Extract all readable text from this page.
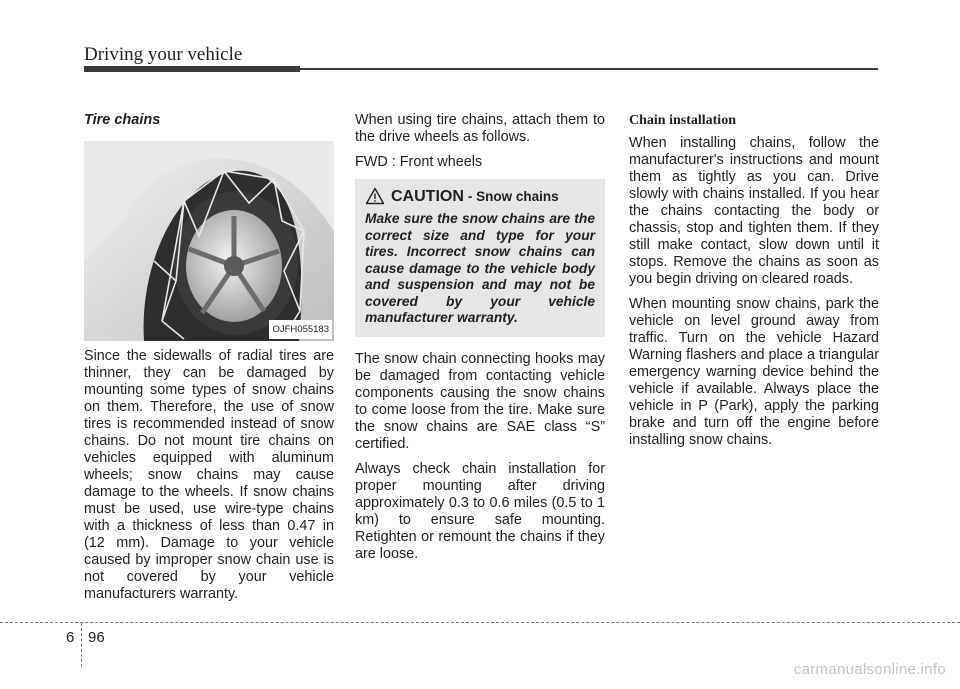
Driving your vehicle
Tire chains
OJFH055183

Since the sidewalls of radial tires are thinner, they can be damaged by mounting some types of snow chains on them. Therefore, the use of snow tires is recommended instead of snow chains. Do not mount tire chains on vehicles equipped with aluminum wheels; snow chains may cause damage to the wheels. If snow chains must be used, use wire-type chains with a thickness of less than 0.47 in (12 mm). Damage to your vehicle caused by improper snow chain use is not covered by your vehicle manufacturers warranty.

When using tire chains, attach them to the drive wheels as follows.

FWD : Front wheels

CAUTION - Snow chains
Make sure the snow chains are the correct size and type for your tires. Incorrect snow chains can cause damage to the vehicle body and suspension and may not be covered by your vehicle manufacturer warranty.

The snow chain connecting hooks may be damaged from contacting vehicle components causing the snow chains to come loose from the tire. Make sure the snow chains are SAE class “S” certified.

Always check chain installation for proper mounting after driving approximately 0.3 to 0.6 miles (0.5 to 1 km) to ensure safe mounting. Retighten or remount the chains if they are loose.

Chain installation

When installing chains, follow the manufacturer's instructions and mount them as tightly as you can. Drive slowly with chains installed. If you hear the chains contacting the body or chassis, stop and tighten them. If they still make contact, slow down until it stops. Remove the chains as soon as you begin driving on cleared roads.

When mounting snow chains, park the vehicle on level ground away from traffic. Turn on the vehicle Hazard Warning flashers and place a triangular emergency warning device behind the vehicle if available. Always place the vehicle in P (Park), apply the parking brake and turn off the engine before installing snow chains.

6 96
carmanualsonline.info
